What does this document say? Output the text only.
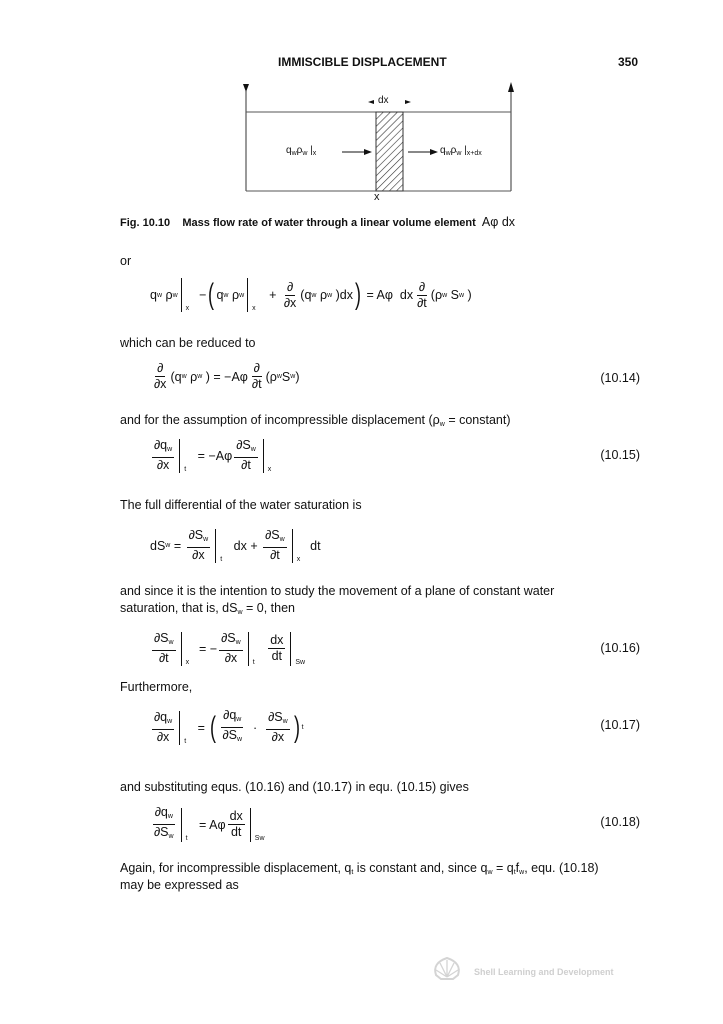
IMMISCIBLE DISPLACEMENT	350
dx
$q_w\rho_w$ $|_x$	$q_w\rho_w$ $|_{x+dx}$
x
Fig. 10.10 Mass flow rate of water through a linear volume element Aφ dx
or
q w ρ w
x
− ( q w ρ w
x
+ $\frac{\partial}{\partial x}$ ( q w ρ w )dx ) = Aφ  dx $\frac{\partial}{\partial t}$ ( ρ w S w )
which can be reduced to
$\frac{\partial}{\partial x}$ ( q w ρ w ) = $-A\varphi \frac{\partial}{\partial t}$ ( ρ w S w )	(10.14)
and for the assumption of incompressible displacement ($\rho_w$ = constant)
$\frac{\partial q_w}{\partial x}$ t
= $-A\varphi \frac{\partial S_w}{\partial t}$ x
(10.15)
The full differential of the water saturation is
dS $w = \frac{\partial S_w}{\partial x}$ t
dx + $\frac{\partial S_w}{\partial t}$ x
dt
and since it is the intention to study the movement of a plane of constant water
saturation, that is, $dS_w = 0$, then
$\frac{\partial S_w}{\partial t}$ x
= − $\frac{\partial S_w}{\partial x}$ t
$\frac{dx}{dt}$ Sw
(10.16)
Furthermore,
$\frac{\partial q_w}{\partial x}$ t
= ( $\frac{\partial q_w}{\partial S_w} \cdot \frac{\partial S_w}{\partial x}$ ) t	(10.17)
and substituting equs. (10.16) and (10.17) in equ. (10.15) gives
$\frac{\partial q_w}{\partial S_w}$ t
= Aφ $\frac{dx}{dt}$ Sw
(10.18)
Again, for incompressible displacement, $q_t$ is constant and, since $q_w = q_tf_w$, equ. (10.18)
may be expressed as
Shell Learning and Development
